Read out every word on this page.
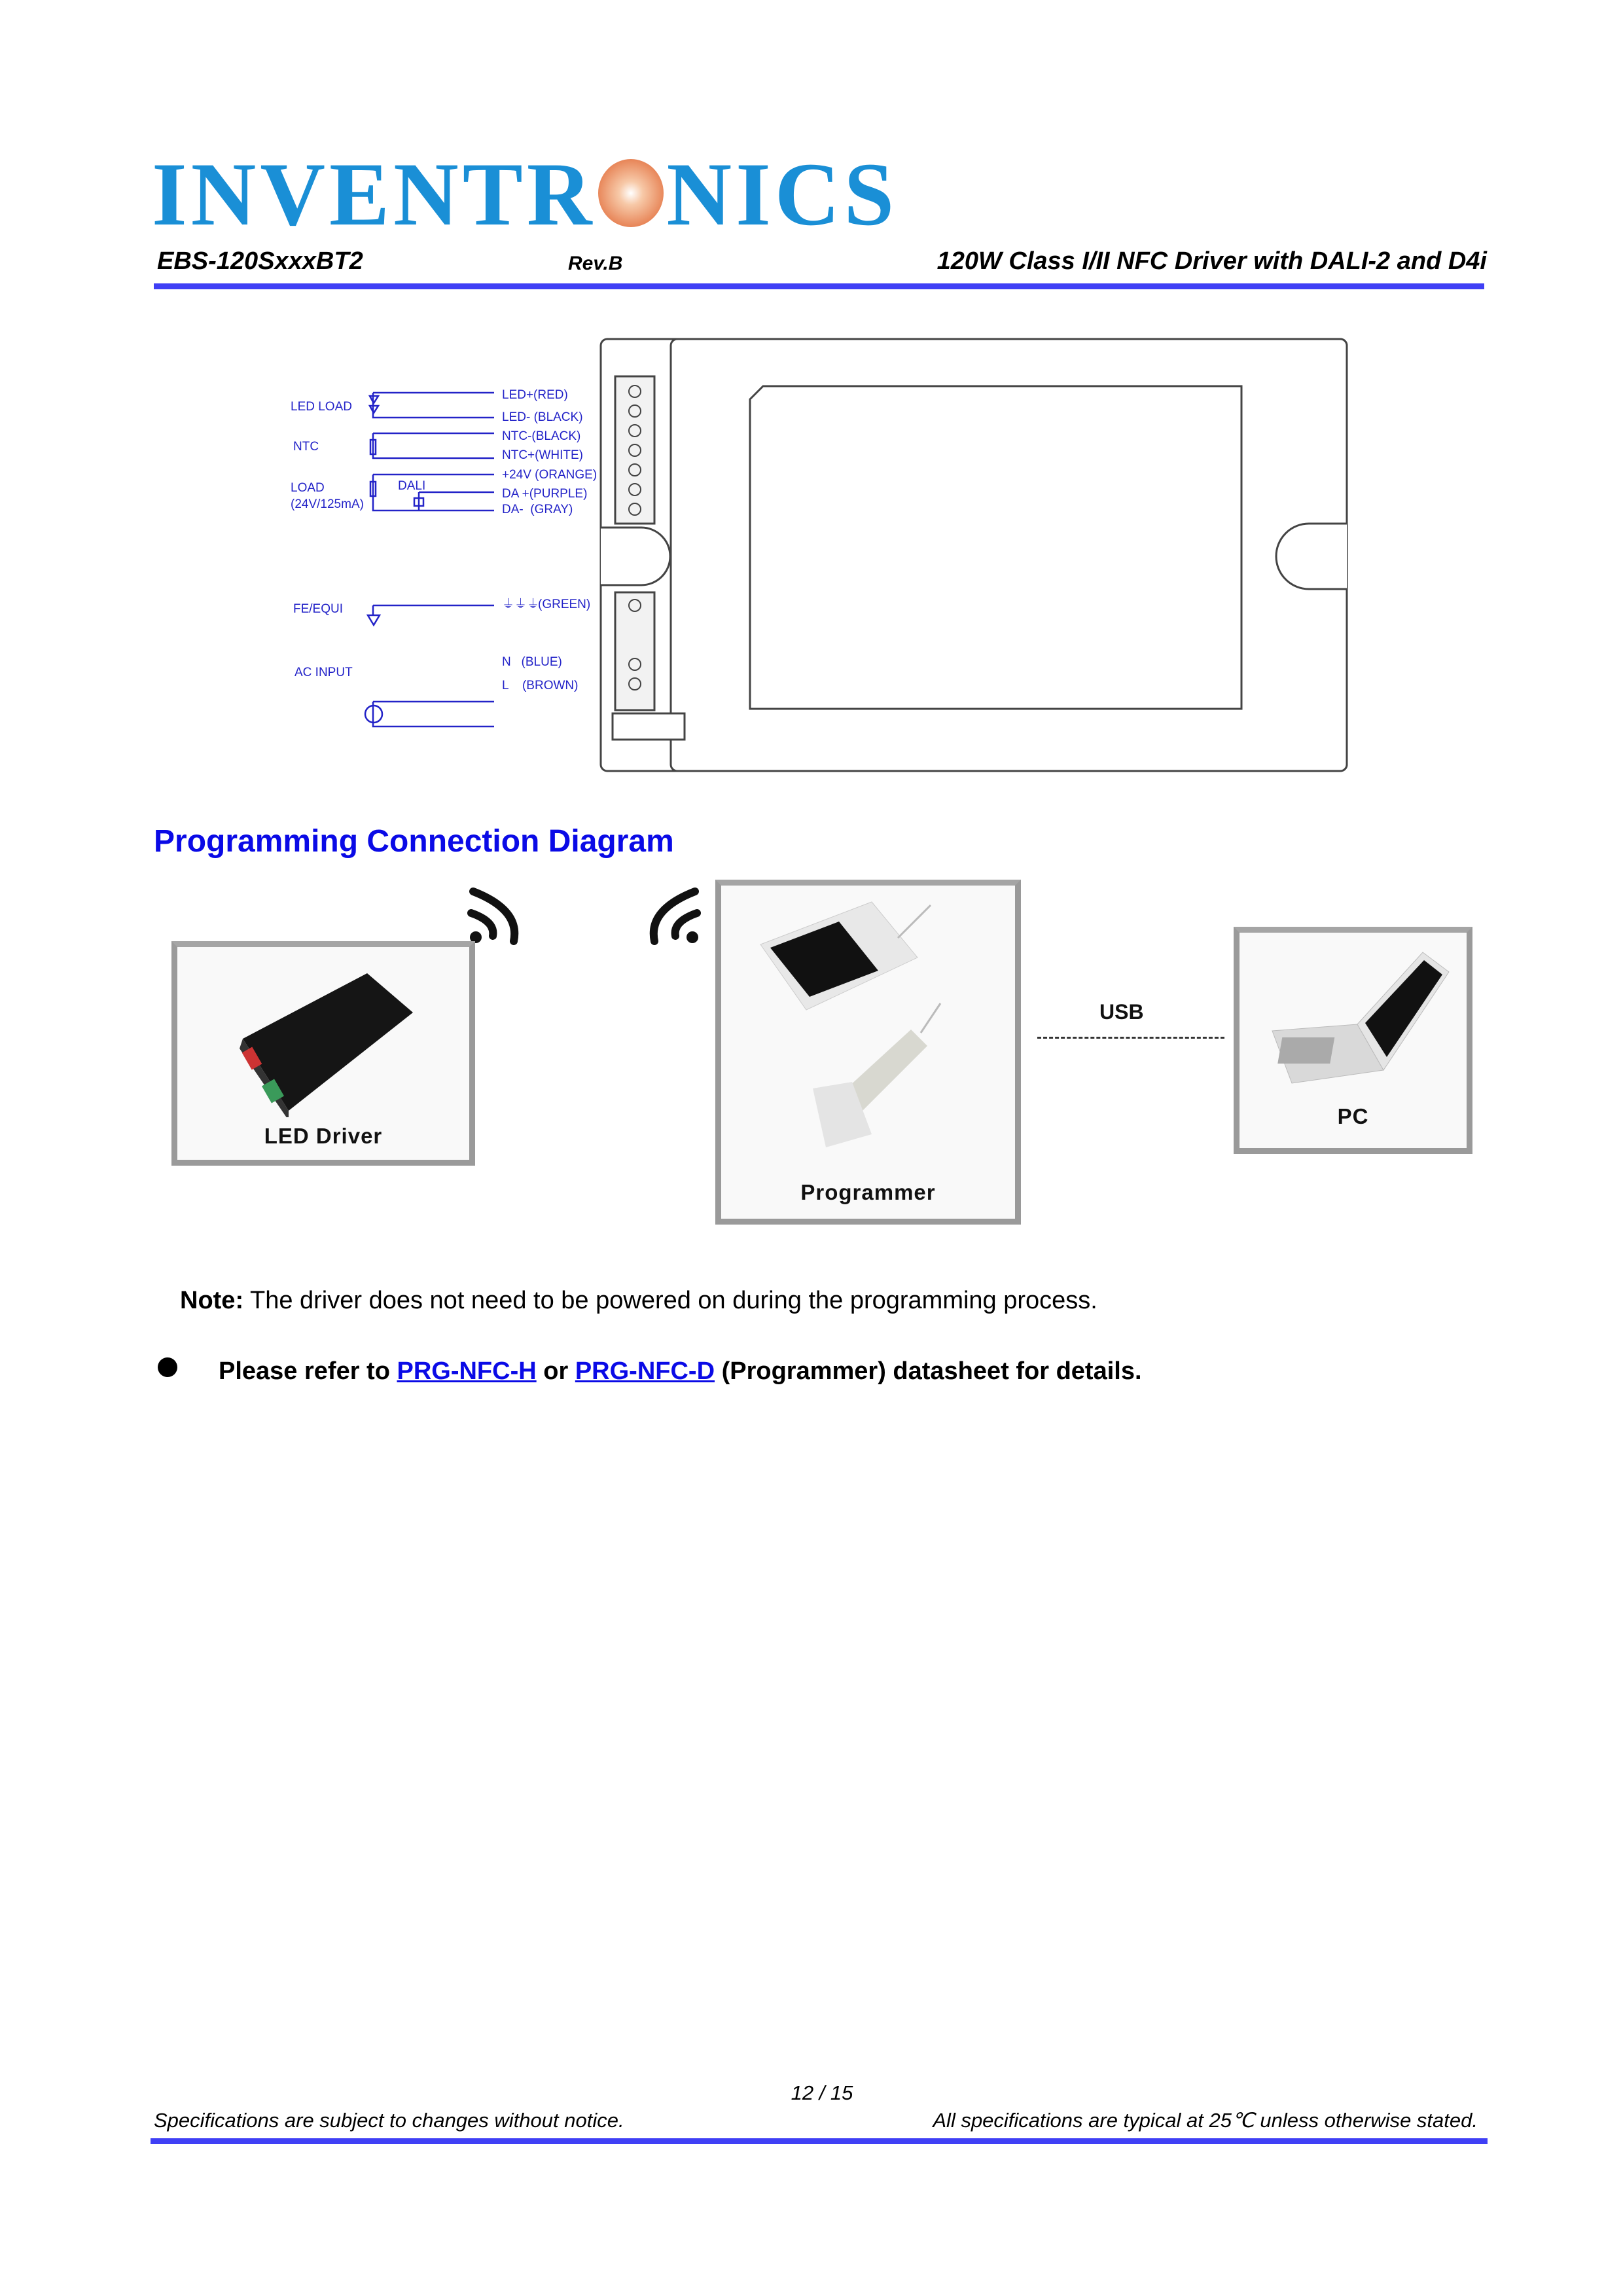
INVENTR NICS
EBS-120SxxxBT2	Rev.B	120W Class I/II NFC Driver with DALI-2 and D4i
LED LOAD
NTC
LOAD
(24V/125mA)
DALI
FE/EQUI
AC INPUT
LED+(RED)
LED- (BLACK)
NTC-(BLACK)
NTC+(WHITE)
+24V (ORANGE)
DA +(PURPLE)
DA-  (GRAY)
⏚⏚⏚
(GREEN)
N   (BLUE)
L    (BROWN)
Programming Connection Diagram
LED Driver
Programmer
USB
PC
Note: The driver does not need to be powered on during the programming process.
Please refer to PRG-NFC-H or PRG-NFC-D (Programmer) datasheet for details.
12 / 15
Specifications are subject to changes without notice.	All specifications are typical at 25℃ unless otherwise stated.
